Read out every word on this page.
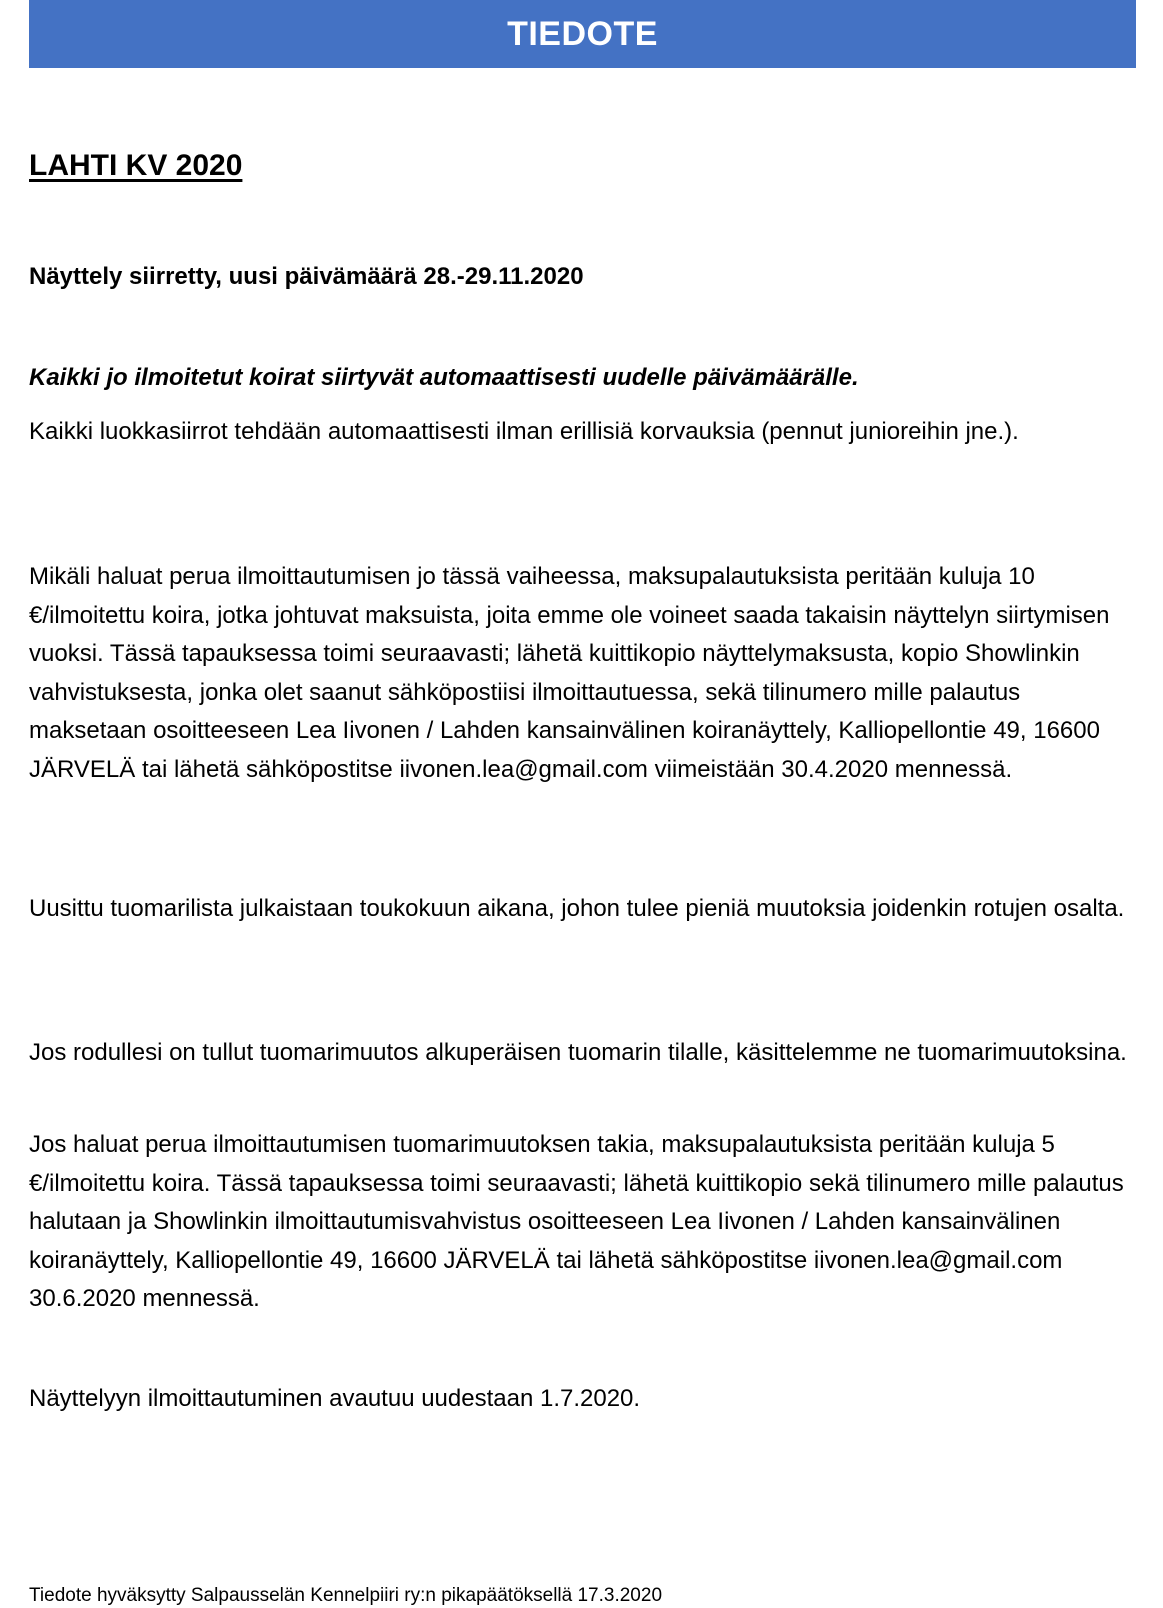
TIEDOTE
LAHTI KV 2020

Näyttely siirretty, uusi päivämäärä 28.-29.11.2020

Kaikki jo ilmoitetut koirat siirtyvät automaattisesti uudelle päivämäärälle.

Kaikki luokkasiirrot tehdään automaattisesti ilman erillisiä korvauksia (pennut junioreihin jne.).

Mikäli haluat perua ilmoittautumisen jo tässä vaiheessa, maksupalautuksista peritään kuluja 10 €/ilmoitettu koira, jotka johtuvat maksuista, joita emme ole voineet saada takaisin näyttelyn siirtymisen vuoksi. Tässä tapauksessa toimi seuraavasti; lähetä kuittikopio näyttelymaksusta, kopio Showlinkin vahvistuksesta, jonka olet saanut sähköpostiisi ilmoittautuessa, sekä tilinumero mille palautus maksetaan osoitteeseen Lea Iivonen / Lahden kansainvälinen koiranäyttely, Kalliopellontie 49, 16600 JÄRVELÄ tai lähetä sähköpostitse iivonen.lea@gmail.com viimeistään 30.4.2020 mennessä.

Uusittu tuomarilista julkaistaan toukokuun aikana, johon tulee pieniä muutoksia joidenkin rotujen osalta.

Jos rodullesi on tullut tuomarimuutos alkuperäisen tuomarin tilalle, käsittelemme ne tuomarimuutoksina.

Jos haluat perua ilmoittautumisen tuomarimuutoksen takia, maksupalautuksista peritään kuluja 5 €/ilmoitettu koira. Tässä tapauksessa toimi seuraavasti; lähetä kuittikopio sekä tilinumero mille palautus halutaan ja Showlinkin ilmoittautumisvahvistus osoitteeseen Lea Iivonen / Lahden kansainvälinen koiranäyttely, Kalliopellontie 49, 16600 JÄRVELÄ tai lähetä sähköpostitse iivonen.lea@gmail.com 30.6.2020 mennessä.

Näyttelyyn ilmoittautuminen avautuu uudestaan 1.7.2020.

Tiedote hyväksytty Salpausselän Kennelpiiri ry:n pikapäätöksellä 17.3.2020
